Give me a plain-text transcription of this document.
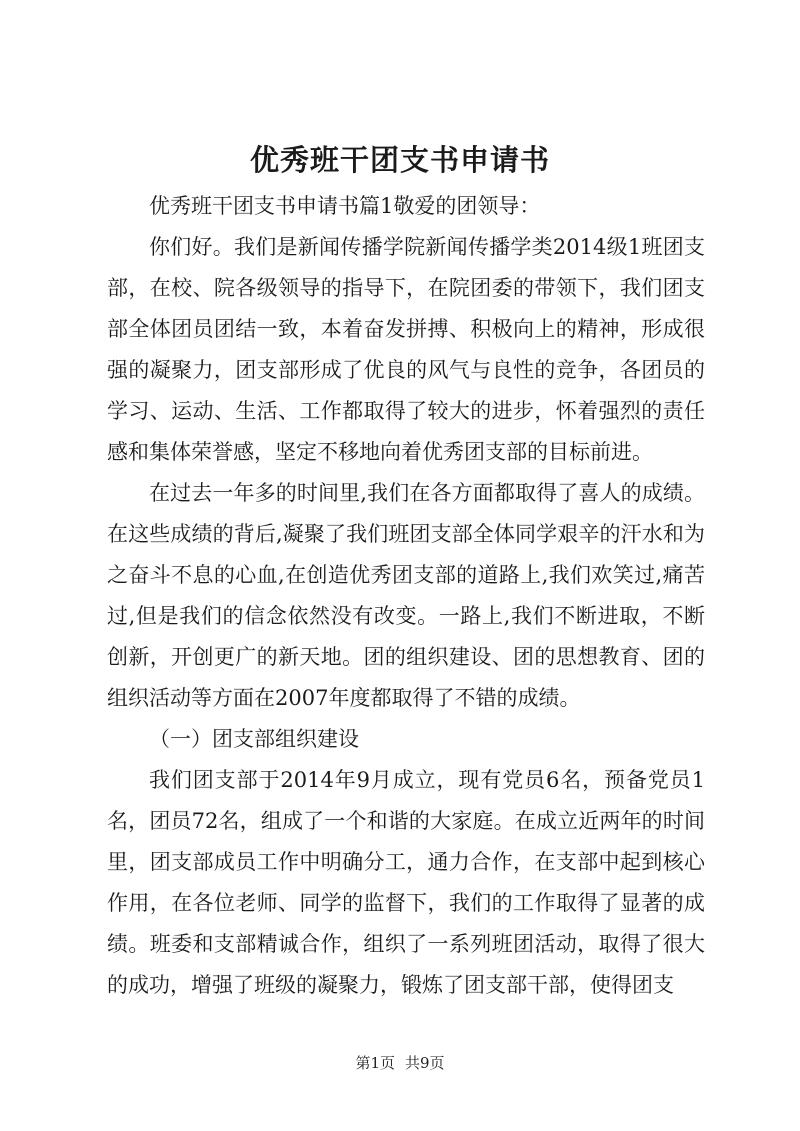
优秀班干团支书申请书

优秀班干团支书申请书篇1敬爱的团领导：

你们好。我们是新闻传播学院新闻传播学类2014级1班团支部，在校、院各级领导的指导下，在院团委的带领下，我们团支部全体团员团结一致，本着奋发拼搏、积极向上的精神，形成很强的凝聚力，团支部形成了优良的风气与良性的竞争，各团员的学习、运动、生活、工作都取得了较大的进步，怀着强烈的责任感和集体荣誉感，坚定不移地向着优秀团支部的目标前进。

在过去一年多的时间里,我们在各方面都取得了喜人的成绩。在这些成绩的背后,凝聚了我们班团支部全体同学艰辛的汗水和为之奋斗不息的心血,在创造优秀团支部的道路上,我们欢笑过,痛苦过,但是我们的信念依然没有改变。一路上,我们不断进取，不断创新，开创更广的新天地。团的组织建设、团的思想教育、团的组织活动等方面在2007年度都取得了不错的成绩。

（一）团支部组织建设

我们团支部于2014年9月成立，现有党员6名，预备党员1名，团员72名，组成了一个和谐的大家庭。在成立近两年的时间里，团支部成员工作中明确分工，通力合作，在支部中起到核心作用，在各位老师、同学的监督下，我们的工作取得了显著的成绩。班委和支部精诚合作，组织了一系列班团活动，取得了很大的成功，增强了班级的凝聚力，锻炼了团支部干部，使得团支

第1页 共9页
